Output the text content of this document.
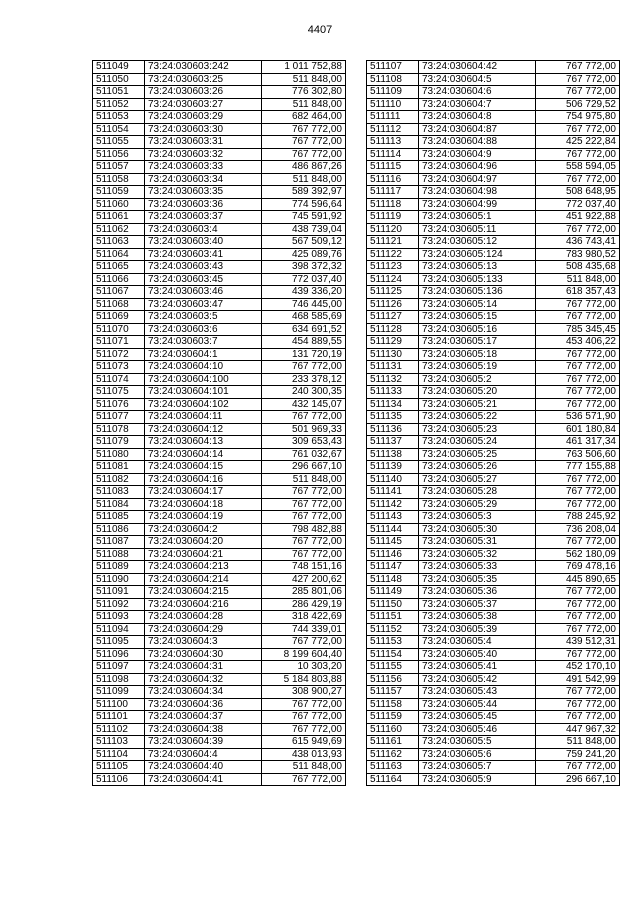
4407
511049	73:24:030603:242	1 011 752,88
511050	73:24:030603:25	511 848,00
511051	73:24:030603:26	776 302,80
511052	73:24:030603:27	511 848,00
511053	73:24:030603:29	682 464,00
511054	73:24:030603:30	767 772,00
511055	73:24:030603:31	767 772,00
511056	73:24:030603:32	767 772,00
511057	73:24:030603:33	486 867,26
511058	73:24:030603:34	511 848,00
511059	73:24:030603:35	589 392,97
511060	73:24:030603:36	774 596,64
511061	73:24:030603:37	745 591,92
511062	73:24:030603:4	438 739,04
511063	73:24:030603:40	567 509,12
511064	73:24:030603:41	425 089,76
511065	73:24:030603:43	398 372,32
511066	73:24:030603:45	772 037,40
511067	73:24:030603:46	439 336,20
511068	73:24:030603:47	746 445,00
511069	73:24:030603:5	468 585,69
511070	73:24:030603:6	634 691,52
511071	73:24:030603:7	454 889,55
511072	73:24:030604:1	131 720,19
511073	73:24:030604:10	767 772,00
511074	73:24:030604:100	233 378,12
511075	73:24:030604:101	240 300,35
511076	73:24:030604:102	432 145,07
511077	73:24:030604:11	767 772,00
511078	73:24:030604:12	501 969,33
511079	73:24:030604:13	309 653,43
511080	73:24:030604:14	761 032,67
511081	73:24:030604:15	296 667,10
511082	73:24:030604:16	511 848,00
511083	73:24:030604:17	767 772,00
511084	73:24:030604:18	767 772,00
511085	73:24:030604:19	767 772,00
511086	73:24:030604:2	798 482,88
511087	73:24:030604:20	767 772,00
511088	73:24:030604:21	767 772,00
511089	73:24:030604:213	748 151,16
511090	73:24:030604:214	427 200,62
511091	73:24:030604:215	285 801,06
511092	73:24:030604:216	286 429,19
511093	73:24:030604:28	318 422,69
511094	73:24:030604:29	744 339,01
511095	73:24:030604:3	767 772,00
511096	73:24:030604:30	8 199 604,40
511097	73:24:030604:31	10 303,20
511098	73:24:030604:32	5 184 803,88
511099	73:24:030604:34	308 900,27
511100	73:24:030604:36	767 772,00
511101	73:24:030604:37	767 772,00
511102	73:24:030604:38	767 772,00
511103	73:24:030604:39	615 949,69
511104	73:24:030604:4	438 013,93
511105	73:24:030604:40	511 848,00
511106	73:24:030604:41	767 772,00
511107	73:24:030604:42	767 772,00
511108	73:24:030604:5	767 772,00
511109	73:24:030604:6	767 772,00
511110	73:24:030604:7	506 729,52
511111	73:24:030604:8	754 975,80
511112	73:24:030604:87	767 772,00
511113	73:24:030604:88	425 222,84
511114	73:24:030604:9	767 772,00
511115	73:24:030604:96	558 594,05
511116	73:24:030604:97	767 772,00
511117	73:24:030604:98	508 648,95
511118	73:24:030604:99	772 037,40
511119	73:24:030605:1	451 922,88
511120	73:24:030605:11	767 772,00
511121	73:24:030605:12	436 743,41
511122	73:24:030605:124	783 980,52
511123	73:24:030605:13	508 435,68
511124	73:24:030605:133	511 848,00
511125	73:24:030605:136	618 357,43
511126	73:24:030605:14	767 772,00
511127	73:24:030605:15	767 772,00
511128	73:24:030605:16	785 345,45
511129	73:24:030605:17	453 406,22
511130	73:24:030605:18	767 772,00
511131	73:24:030605:19	767 772,00
511132	73:24:030605:2	767 772,00
511133	73:24:030605:20	767 772,00
511134	73:24:030605:21	767 772,00
511135	73:24:030605:22	536 571,90
511136	73:24:030605:23	601 180,84
511137	73:24:030605:24	461 317,34
511138	73:24:030605:25	763 506,60
511139	73:24:030605:26	777 155,88
511140	73:24:030605:27	767 772,00
511141	73:24:030605:28	767 772,00
511142	73:24:030605:29	767 772,00
511143	73:24:030605:3	788 245,92
511144	73:24:030605:30	736 208,04
511145	73:24:030605:31	767 772,00
511146	73:24:030605:32	562 180,09
511147	73:24:030605:33	769 478,16
511148	73:24:030605:35	445 890,65
511149	73:24:030605:36	767 772,00
511150	73:24:030605:37	767 772,00
511151	73:24:030605:38	767 772,00
511152	73:24:030605:39	767 772,00
511153	73:24:030605:4	439 512,31
511154	73:24:030605:40	767 772,00
511155	73:24:030605:41	452 170,10
511156	73:24:030605:42	491 542,99
511157	73:24:030605:43	767 772,00
511158	73:24:030605:44	767 772,00
511159	73:24:030605:45	767 772,00
511160	73:24:030605:46	447 967,32
511161	73:24:030605:5	511 848,00
511162	73:24:030605:6	759 241,20
511163	73:24:030605:7	767 772,00
511164	73:24:030605:9	296 667,10
